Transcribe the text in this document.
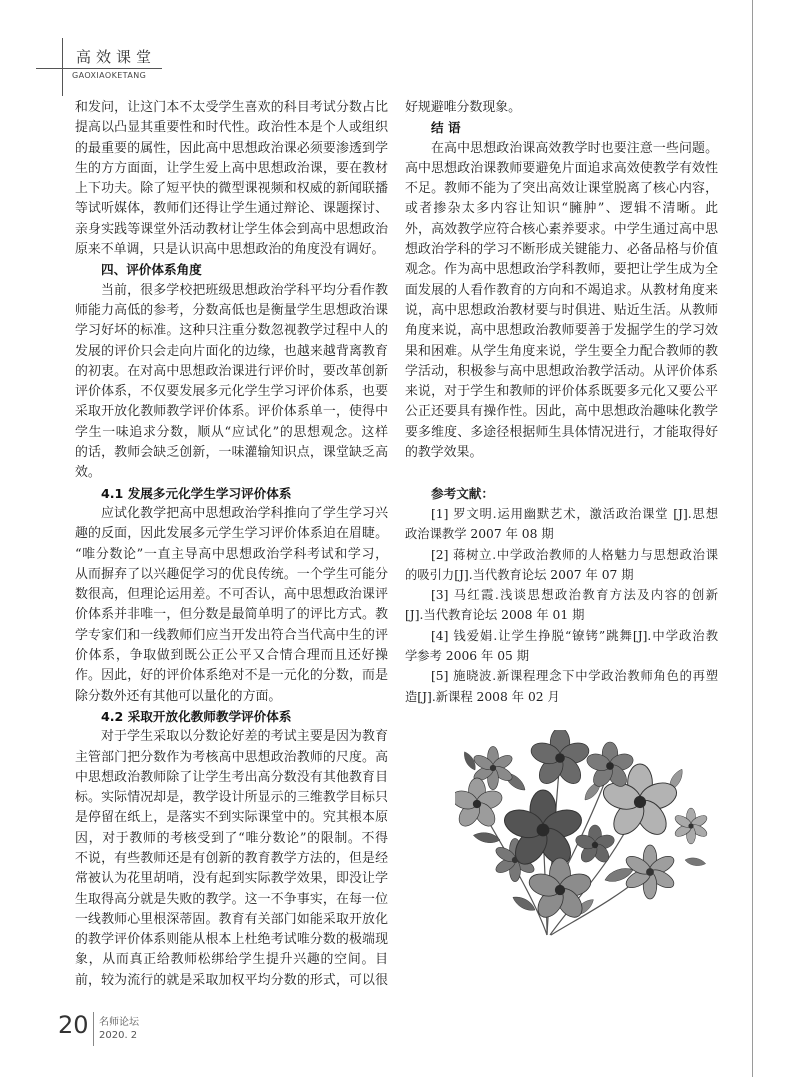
高效课堂
GAOXIAOKETANG
和发问，让这门本不太受学生喜欢的科目考试分数占比
提高以凸显其重要性和时代性。政治性本是个人或组织
的最重要的属性，因此高中思想政治课必须要渗透到学
生的方方面面，让学生爱上高中思想政治课，要在教材
上下功夫。除了短平快的微型课视频和权威的新闻联播
等试听媒体，教师们还得让学生通过辩论、课题探讨、
亲身实践等课堂外活动教材让学生体会到高中思想政治
原来不单调，只是认识高中思想政治的角度没有调好。
四、评价体系角度
当前，很多学校把班级思想政治学科平均分看作教
师能力高低的参考，分数高低也是衡量学生思想政治课
学习好坏的标准。这种只注重分数忽视教学过程中人的
发展的评价只会走向片面化的边缘，也越来越背离教育
的初衷。在对高中思想政治课进行评价时，要改革创新
评价体系，不仅要发展多元化学生学习评价体系，也要
采取开放化教师教学评价体系。评价体系单一，使得中
学生一味追求分数，顺从“应试化”的思想观念。这样
的话，教师会缺乏创新，一味灌输知识点，课堂缺乏高
效。
4.1 发展多元化学生学习评价体系
应试化教学把高中思想政治学科推向了学生学习兴
趣的反面，因此发展多元学生学习评价体系迫在眉睫。
“唯分数论”一直主导高中思想政治学科考试和学习，
从而摒弃了以兴趣促学习的优良传统。一个学生可能分
数很高，但理论运用差。不可否认，高中思想政治课评
价体系并非唯一，但分数是最简单明了的评比方式。教
学专家们和一线教师们应当开发出符合当代高中生的评
价体系，争取做到既公正公平又合情合理而且还好操
作。因此，好的评价体系绝对不是一元化的分数，而是
除分数外还有其他可以量化的方面。
4.2 采取开放化教师教学评价体系
对于学生采取以分数论好差的考试主要是因为教育
主管部门把分数作为考核高中思想政治教师的尺度。高
中思想政治教师除了让学生考出高分数没有其他教育目
标。实际情况却是，教学设计所显示的三维教学目标只
是停留在纸上，是落实不到实际课堂中的。究其根本原
因，对于教师的考核受到了“唯分数论”的限制。不得
不说，有些教师还是有创新的教育教学方法的，但是经
常被认为花里胡哨，没有起到实际教学效果，即没让学
生取得高分就是失败的教学。这一不争事实，在每一位
一线教师心里根深蒂固。教育有关部门如能采取开放化
的教学评价体系则能从根本上杜绝考试唯分数的极端现
象，从而真正给教师松绑给学生提升兴趣的空间。目
前，较为流行的就是采取加权平均分数的形式，可以很
好规避唯分数现象。
结 语
在高中思想政治课高效教学时也要注意一些问题。
高中思想政治课教师要避免片面追求高效使教学有效性
不足。教师不能为了突出高效让课堂脱离了核心内容，
或者掺杂太多内容让知识“臃肿”、逻辑不清晰。此
外，高效教学应符合核心素养要求。中学生通过高中思
想政治学科的学习不断形成关键能力、必备品格与价值
观念。作为高中思想政治学科教师，要把让学生成为全
面发展的人看作教育的方向和不竭追求。从教材角度来
说，高中思想政治教材要与时俱进、贴近生活。从教师
角度来说，高中思想政治教师要善于发掘学生的学习效
果和困难。从学生角度来说，学生要全力配合教师的教
学活动，积极参与高中思想政治教学活动。从评价体系
来说，对于学生和教师的评价体系既要多元化又要公平
公正还要具有操作性。因此，高中思想政治趣味化教学
要多维度、多途径根据师生具体情况进行，才能取得好
的教学效果。
参考文献：
[1] 罗文明.运用幽默艺术，激活政治课堂 [J].思想
政治课教学 2007 年 08 期
[2] 蒋树立.中学政治教师的人格魅力与思想政治课
的吸引力[J].当代教育论坛 2007 年 07 期
[3] 马红霞.浅谈思想政治教育方法及内容的创新
[J].当代教育论坛 2008 年 01 期
[4] 钱爱娟.让学生挣脱“镣铐”跳舞[J].中学政治教
学参考 2006 年 05 期
[5] 施晓波.新课程理念下中学政治教师角色的再塑
造[J].新课程 2008 年 02 月
20 名师论坛
2020. 2
